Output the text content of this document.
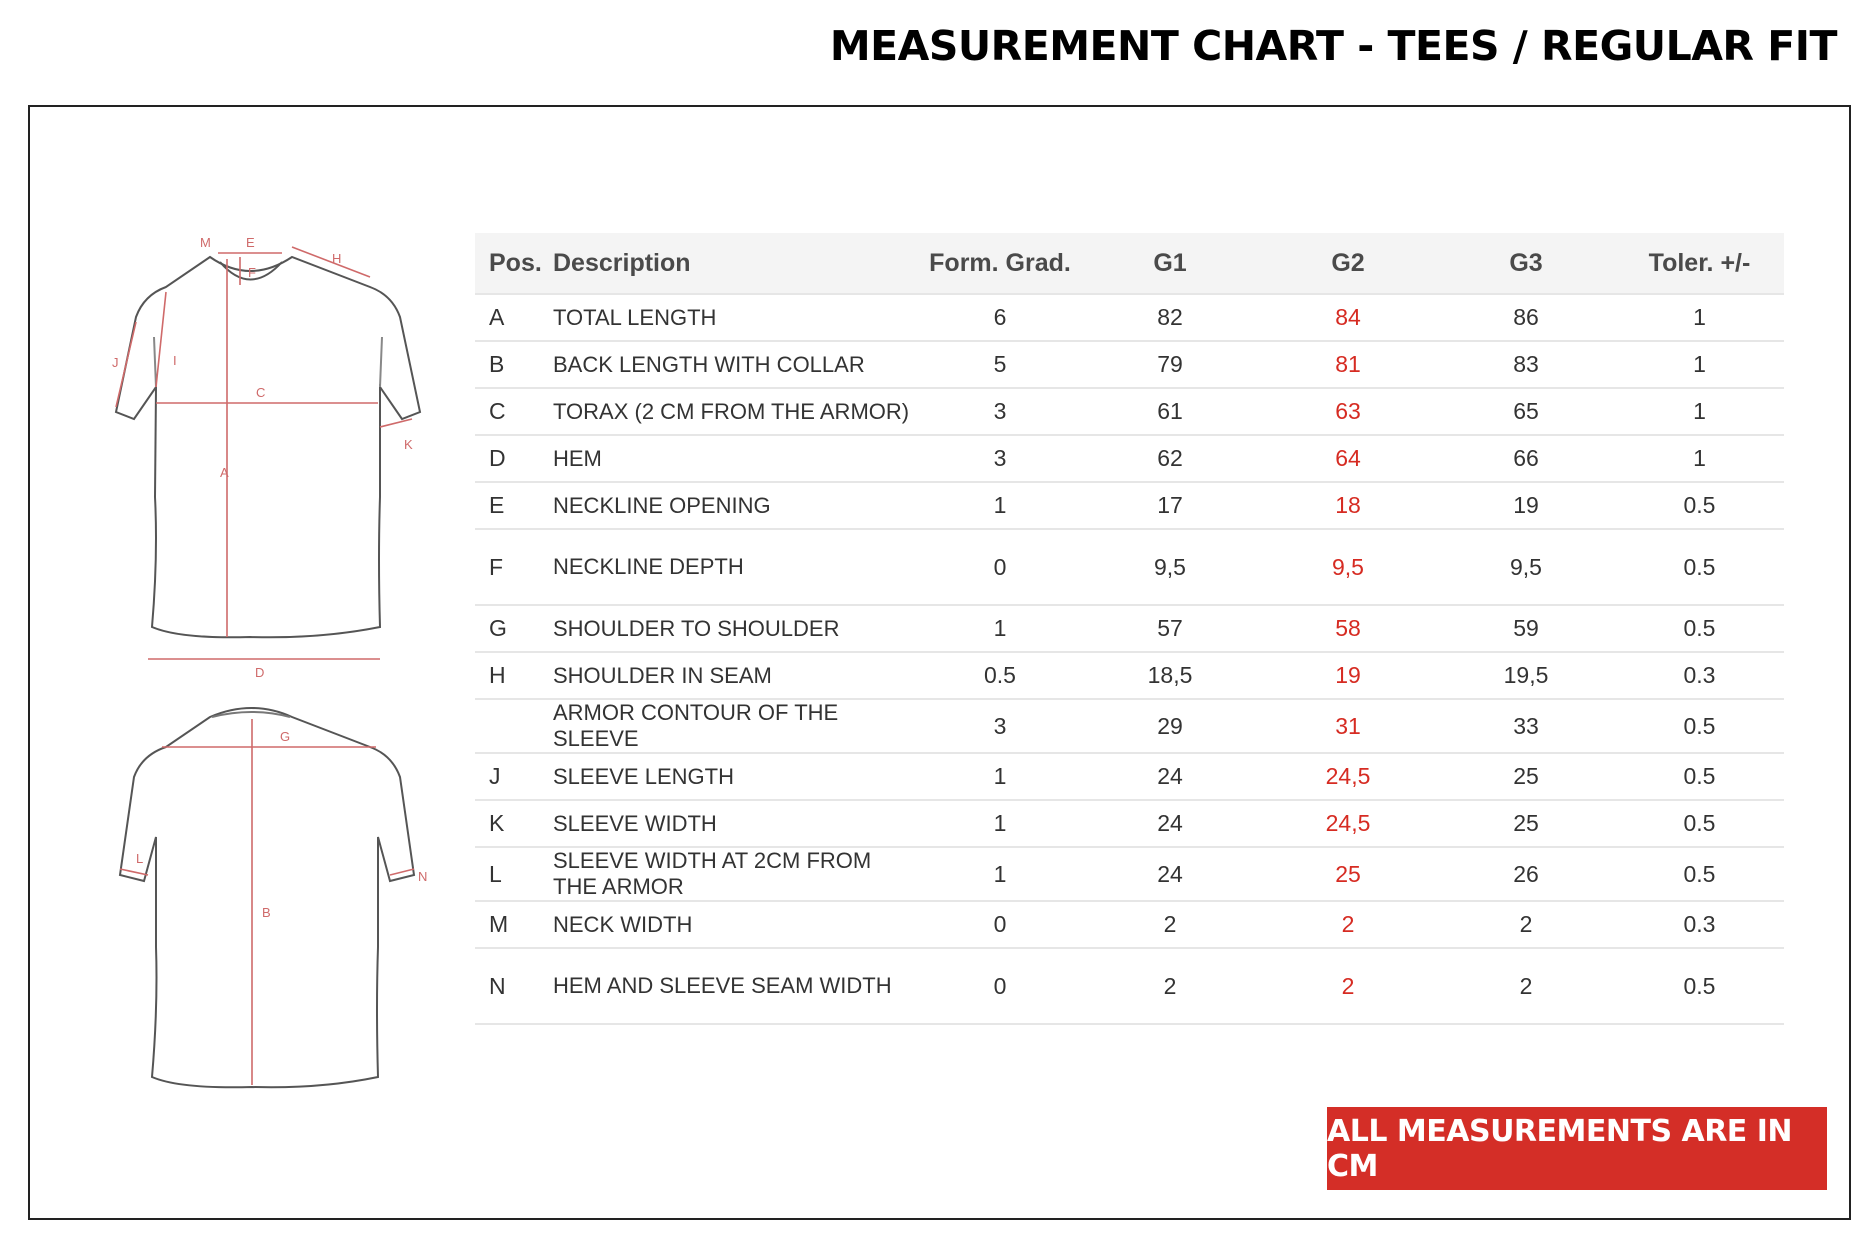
MEASUREMENT CHART - TEES / REGULAR FIT
M	E
H
F
J	I
C
K
A
D
G
L
N
B
Pos.	Description	Form. Grad.	G1	G2	G3	Toler. +/-
A	TOTAL LENGTH	6	82	84	86	1
B	BACK LENGTH WITH COLLAR	5	79	81	83	1
C	TORAX (2 CM FROM THE ARMOR)	3	61	63	65	1
D	HEM	3	62	64	66	1
E	NECKLINE OPENING	1	17	18	19	0.5
F	NECKLINE DEPTH	0	9,5	9,5	9,5	0.5
G	SHOULDER TO SHOULDER	1	57	58	59	0.5
H	SHOULDER IN SEAM	0.5	18,5	19	19,5	0.3
	ARMOR CONTOUR OF THE SLEEVE	3	29	31	33	0.5
J	SLEEVE LENGTH	1	24	24,5	25	0.5
K	SLEEVE WIDTH	1	24	24,5	25	0.5
L	SLEEVE WIDTH AT 2CM FROM THE ARMOR	1	24	25	26	0.5
M	NECK WIDTH	0	2	2	2	0.3
N	HEM AND SLEEVE SEAM WIDTH	0	2	2	2	0.5
ALL MEASUREMENTS ARE IN CM
